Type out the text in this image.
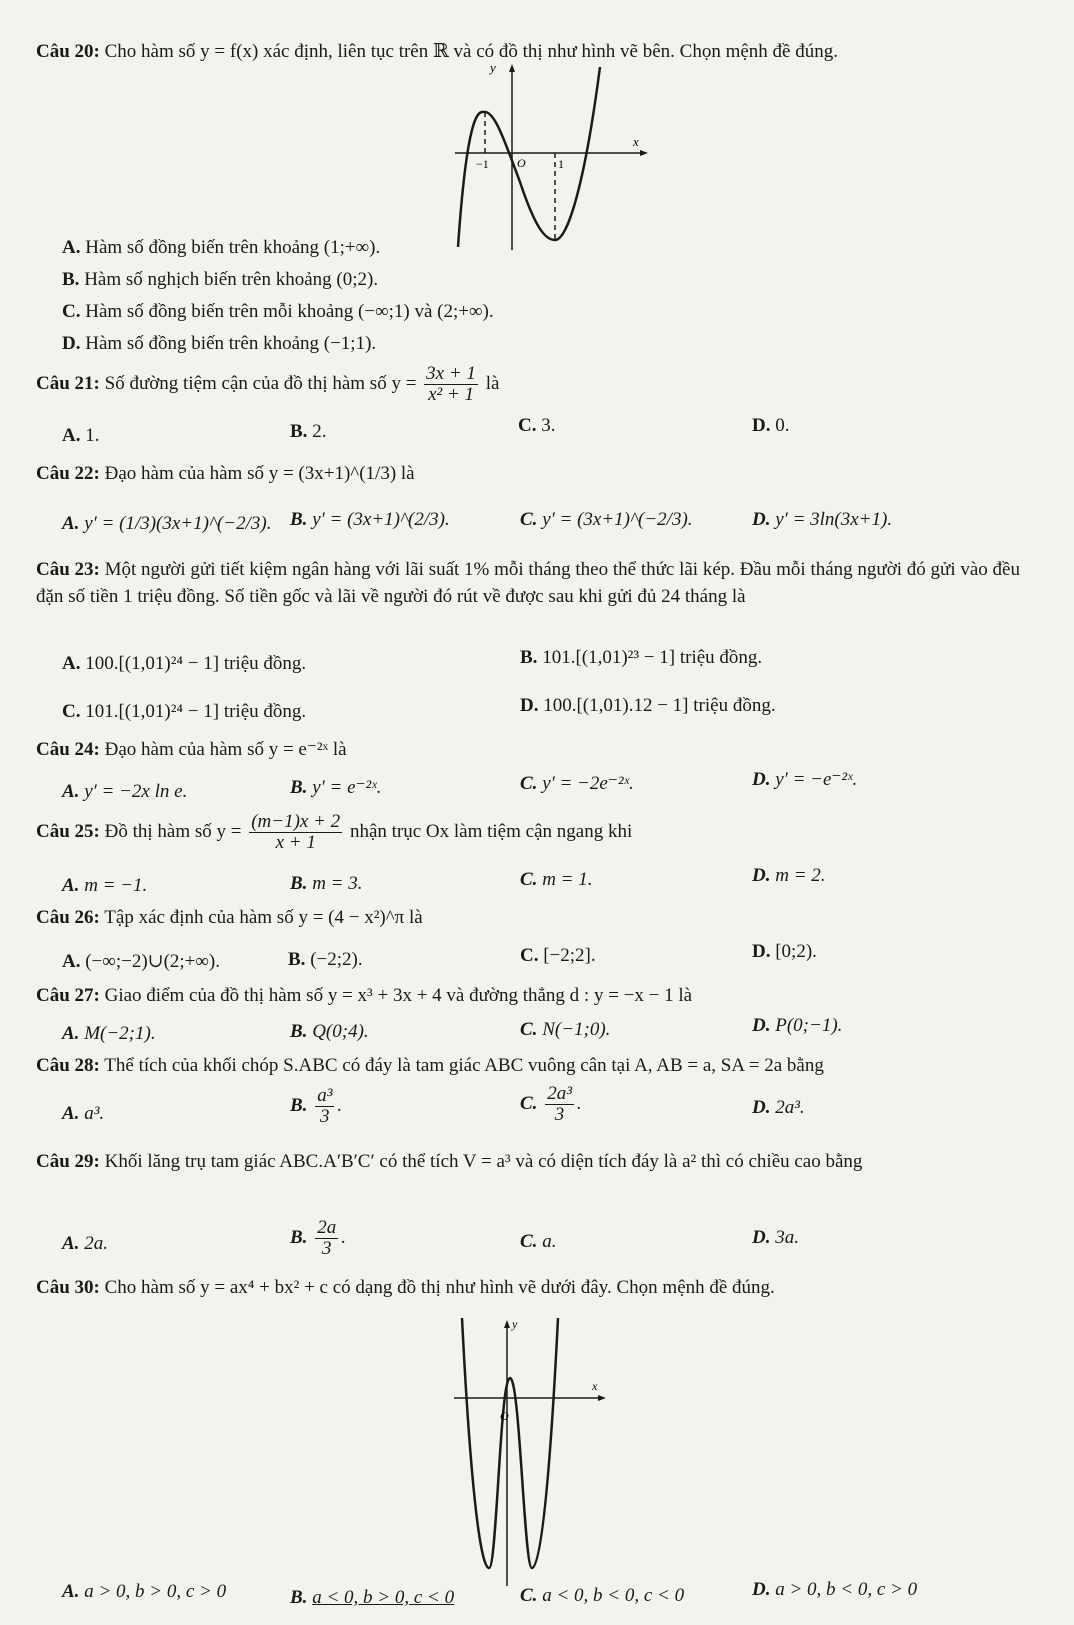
Câu 20: Cho hàm số y = f(x) xác định, liên tục trên ℝ và có đồ thị như hình vẽ bên. Chọn mệnh đề đúng.
y
x
O
−1	1
A. Hàm số đồng biến trên khoảng (1;+∞).
B. Hàm số nghịch biến trên khoảng (0;2).
C. Hàm số đồng biến trên mỗi khoảng (−∞;1) và (2;+∞).
D. Hàm số đồng biến trên khoảng (−1;1).
Câu 21: Số đường tiệm cận của đồ thị hàm số $y = \frac{3x + 1}{\text{x² + 1}}$ là
A. 1.	B. 2.	C. 3.	D. 0.
Câu 22: Đạo hàm của hàm số y = (3x+1)^(1/3) là
A. y′ = (1/3)(3x+1)^(−2/3). B. y′ = (3x+1)^(2/3).	C. y′ = (3x+1)^(−2/3).	D. y′ = 3ln(3x+1).
Câu 23: Một người gửi tiết kiệm ngân hàng với lãi suất 1% mỗi tháng theo thể thức lãi kép. Đầu mỗi tháng người đó gửi vào đều đặn số tiền 1 triệu đồng. Số tiền gốc và lãi về người đó rút về được sau khi gửi đủ 24 tháng là
A. 100.[(1,01)²⁴ − 1] triệu đồng.	B. 101.[(1,01)²³ − 1] triệu đồng.
C. 101.[(1,01)²⁴ − 1] triệu đồng.	D. 100.[(1,01).12 − 1] triệu đồng.
Câu 24: Đạo hàm của hàm số y = e⁻²ˣ là
A. y′ = −2x ln e.	B. y′ = e⁻²ˣ.	C. y′ = −2e⁻²ˣ.	D. y′ = −e⁻²ˣ.
Câu 25: Đồ thị hàm số $y = \frac{(m-1)x + 2}{x + 1}$ nhận trục Ox làm tiệm cận ngang khi
A. m = −1.	B. m = 3.	C. m = 1.	D. m = 2.
Câu 26: Tập xác định của hàm số y = (4 − x²)^π là
A. (−∞;−2)∪(2;+∞).	B. (−2;2).	C. [−2;2].	D. [0;2).
Câu 27: Giao điểm của đồ thị hàm số y = x³ + 3x + 4 và đường thẳng d : y = −x − 1 là
A. M(−2;1).	B. Q(0;4).	C. N(−1;0).	D. P(0;−1).
Câu 28: Thể tích của khối chóp S.ABC có đáy là tam giác ABC vuông cân tại A, AB = a, SA = 2a bằng
A. a³.	B. $\frac{\text{a³}}{3}$ .	C. $\frac{\text{2a³}}{3}$ .	D. 2a³.
Câu 29: Khối lăng trụ tam giác ABC.A′B′C′ có thể tích V = a³ và có diện tích đáy là a² thì có chiều cao bằng
A. 2a.	B. $\frac{2a}{3}$ .	C. a.	D. 3a.
Câu 30: Cho hàm số y = ax⁴ + bx² + c có dạng đồ thị như hình vẽ dưới đây. Chọn mệnh đề đúng.
y
x
O
A. a > 0, b > 0, c > 0	B. a < 0, b > 0, c < 0	C. a < 0, b < 0, c < 0	D. a > 0, b < 0, c > 0
